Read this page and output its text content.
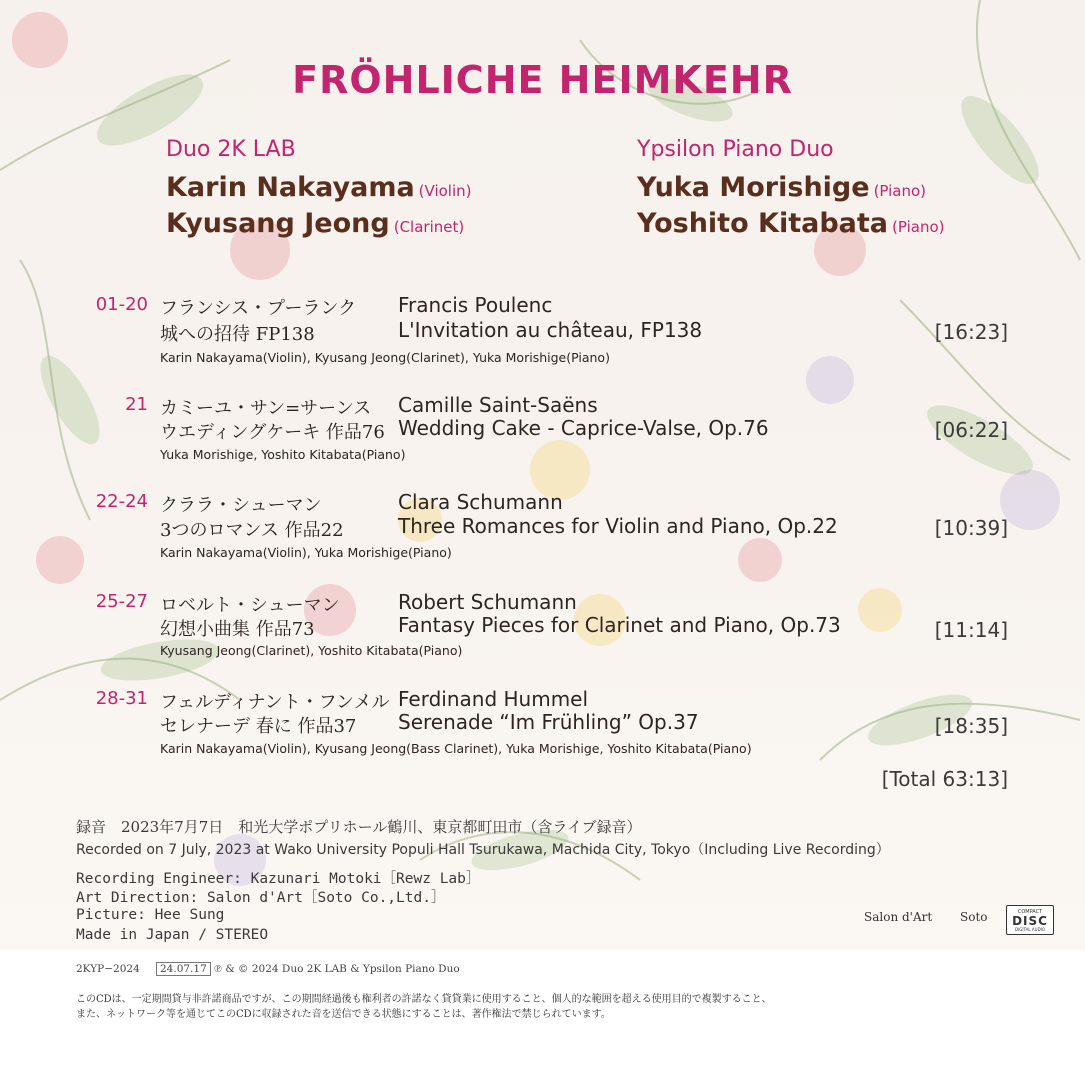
FRÖHLICHE HEIMKEHR
Duo 2K LAB
Karin Nakayama (Violin)
Kyusang Jeong (Clarinet)
Ypsilon Piano Duo
Yuka Morishige (Piano)
Yoshito Kitabata (Piano)
01-20 フランシス・プーランク
城への招待 FP138
Francis Poulenc
L'Invitation au château, FP138	[16:23]
Karin Nakayama(Violin), Kyusang Jeong(Clarinet), Yuka Morishige(Piano)
21 カミーユ・サン=サーンス
ウエディングケーキ 作品76
Camille Saint-Saëns
Wedding Cake - Caprice-Valse, Op.76	[06:22]
Yuka Morishige, Yoshito Kitabata(Piano)
22-24 クララ・シューマン
3つのロマンス 作品22
Clara Schumann
Three Romances for Violin and Piano, Op.22	[10:39]
Karin Nakayama(Violin), Yuka Morishige(Piano)
25-27 ロベルト・シューマン
幻想小曲集 作品73
Robert Schumann
Fantasy Pieces for Clarinet and Piano, Op.73	[11:14]
Kyusang Jeong(Clarinet), Yoshito Kitabata(Piano)
28-31 フェルディナント・フンメル
セレナーデ 春に 作品37
Ferdinand Hummel
Serenade “Im Frühling” Op.37	[18:35]
Karin Nakayama(Violin), Kyusang Jeong(Bass Clarinet), Yuka Morishige, Yoshito Kitabata(Piano)
[Total 63:13]
録音　2023年7月7日　和光大学ポプリホール鶴川、東京都町田市（含ライブ録音）
Recorded on 7 July, 2023 at Wako University Populi Hall Tsurukawa, Machida City, Tokyo（Including Live Recording）
Recording Engineer: Kazunari Motoki［Rewz Lab］
Art Direction: Salon d'Art［Soto Co.,Ltd.］
Picture: Hee Sung
Made in Japan / STEREO
Salon d'Art Soto	COMPACT
DISC
DIGITAL AUDIO
2KYP−2024	24.07.17 ℗ & © 2024 Duo 2K LAB & Ypsilon Piano Duo
このCDは、一定期間貸与非許諾商品ですが、この期間経過後も権利者の許諾なく貸貸業に使用すること、個人的な範囲を超える使用目的で複製すること、
また、ネットワーク等を通じてこのCDに収録された音を送信できる状態にすることは、著作権法で禁じられています。
